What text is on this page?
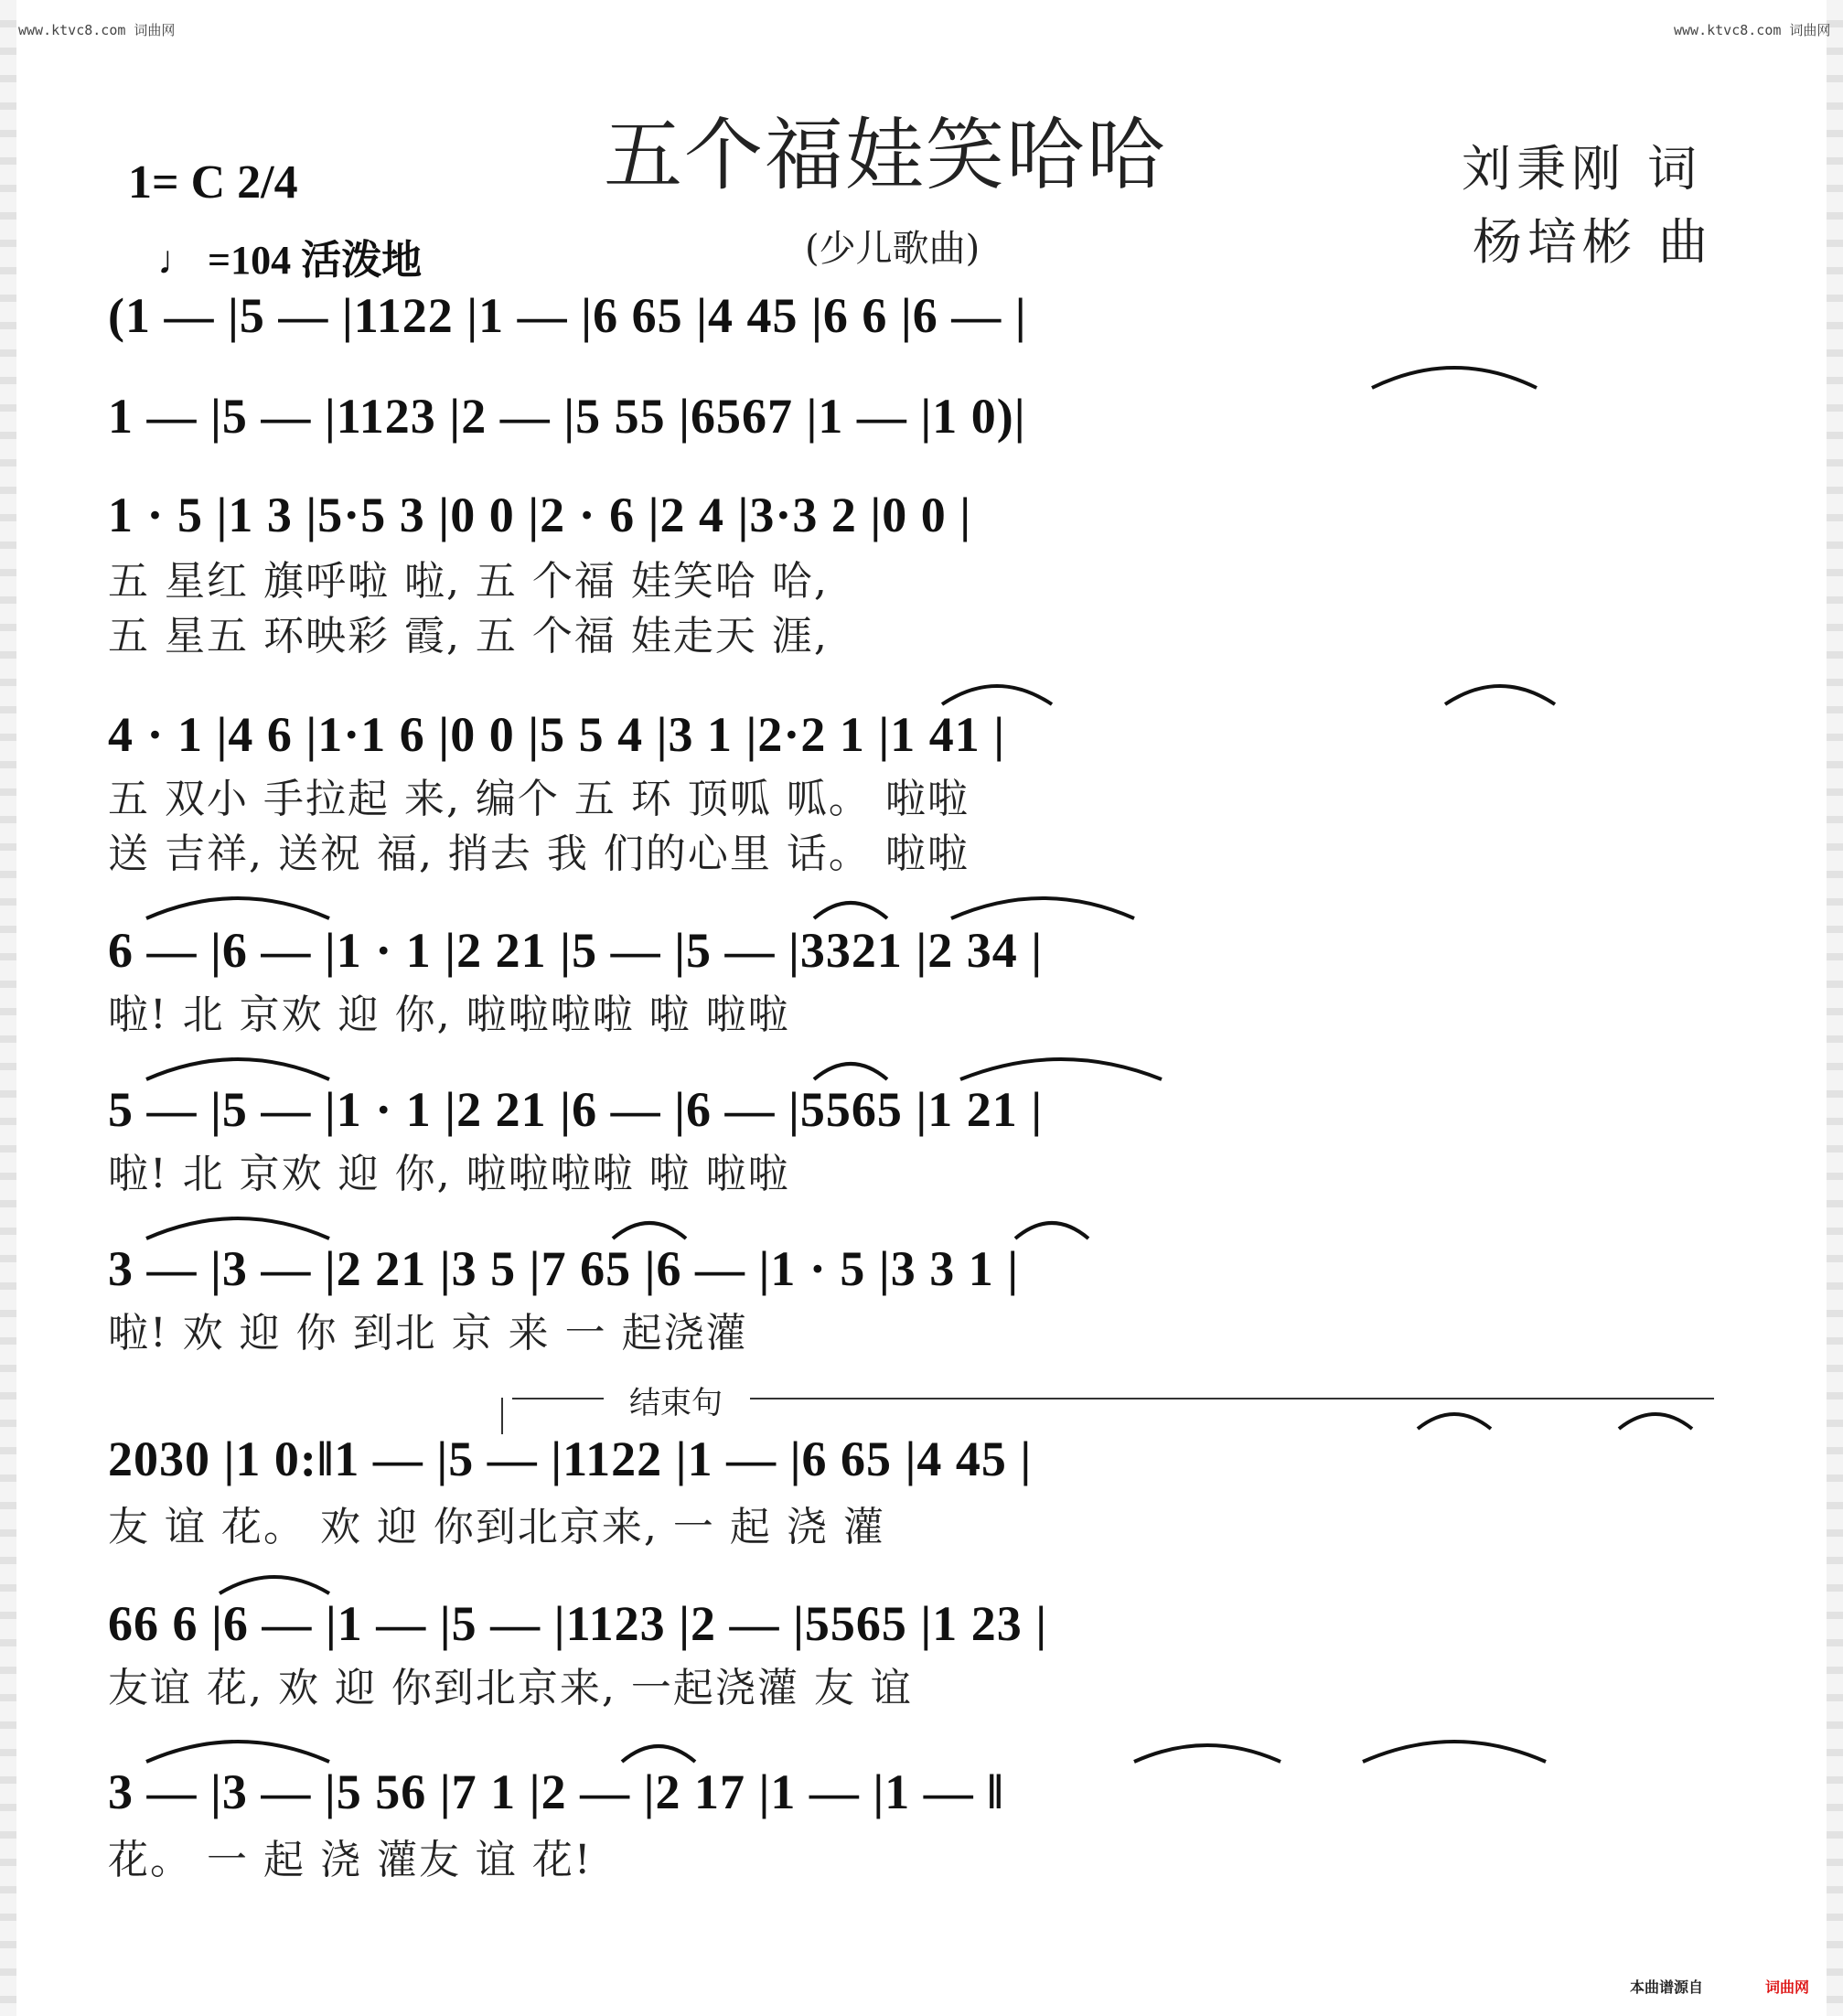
www.ktvc8.com 词曲网	www.ktvc8.com 词曲网
五个福娃笑哈哈
(少儿歌曲)
1= C 2/4
♩ =104 活泼地
刘秉刚 词
杨培彬 曲
(1 — |5 — |1122 |1 — |6 65 |4 45 |6 6 |6 — |
1 — |5 — |1123 |2 — |5 55 |6567 |1 — |1 0)|
1 · 5 |1 3 |5·5 3 |0 0 |2 · 6 |2 4 |3·3 2 |0 0 |
五 星红 旗呼啦 啦, 五 个福 娃笑哈 哈,
五 星五 环映彩 霞, 五 个福 娃走天 涯,
4 · 1 |4 6 |1·1 6 |0 0 |5 5 4 |3 1 |2·2 1 |1 41 |
五 双小 手拉起 来, 编个 五 环 顶呱 呱。 啦啦
送 吉祥, 送祝 福, 捎去 我 们的心里 话。 啦啦
6 — |6 — |1 · 1 |2 21 |5 — |5 — |3321 |2 34 |
啦! 北 京欢 迎 你, 啦啦啦啦 啦 啦啦
5 — |5 — |1 · 1 |2 21 |6 — |6 — |5565 |1 21 |
啦! 北 京欢 迎 你, 啦啦啦啦 啦 啦啦
3 — |3 — |2 21 |3 5 |7 65 |6 — |1 · 5 |3 3 1 |
啦! 欢 迎 你 到北 京 来 一 起浇灌
结束句
2030 |1 0:‖1 — |5 — |1122 |1 — |6 65 |4 45 |
友 谊 花。 欢 迎 你到北京来, 一 起 浇 灌
66 6 |6 — |1 — |5 — |1123 |2 — |5565 |1 23 |
友谊 花, 欢 迎 你到北京来, 一起浇灌 友 谊
3 — |3 — |5 56 |7 1 |2 — |2 17 |1 — |1 — ‖
花。 一 起 浇 灌友 谊 花!
本曲谱源自	词曲网
